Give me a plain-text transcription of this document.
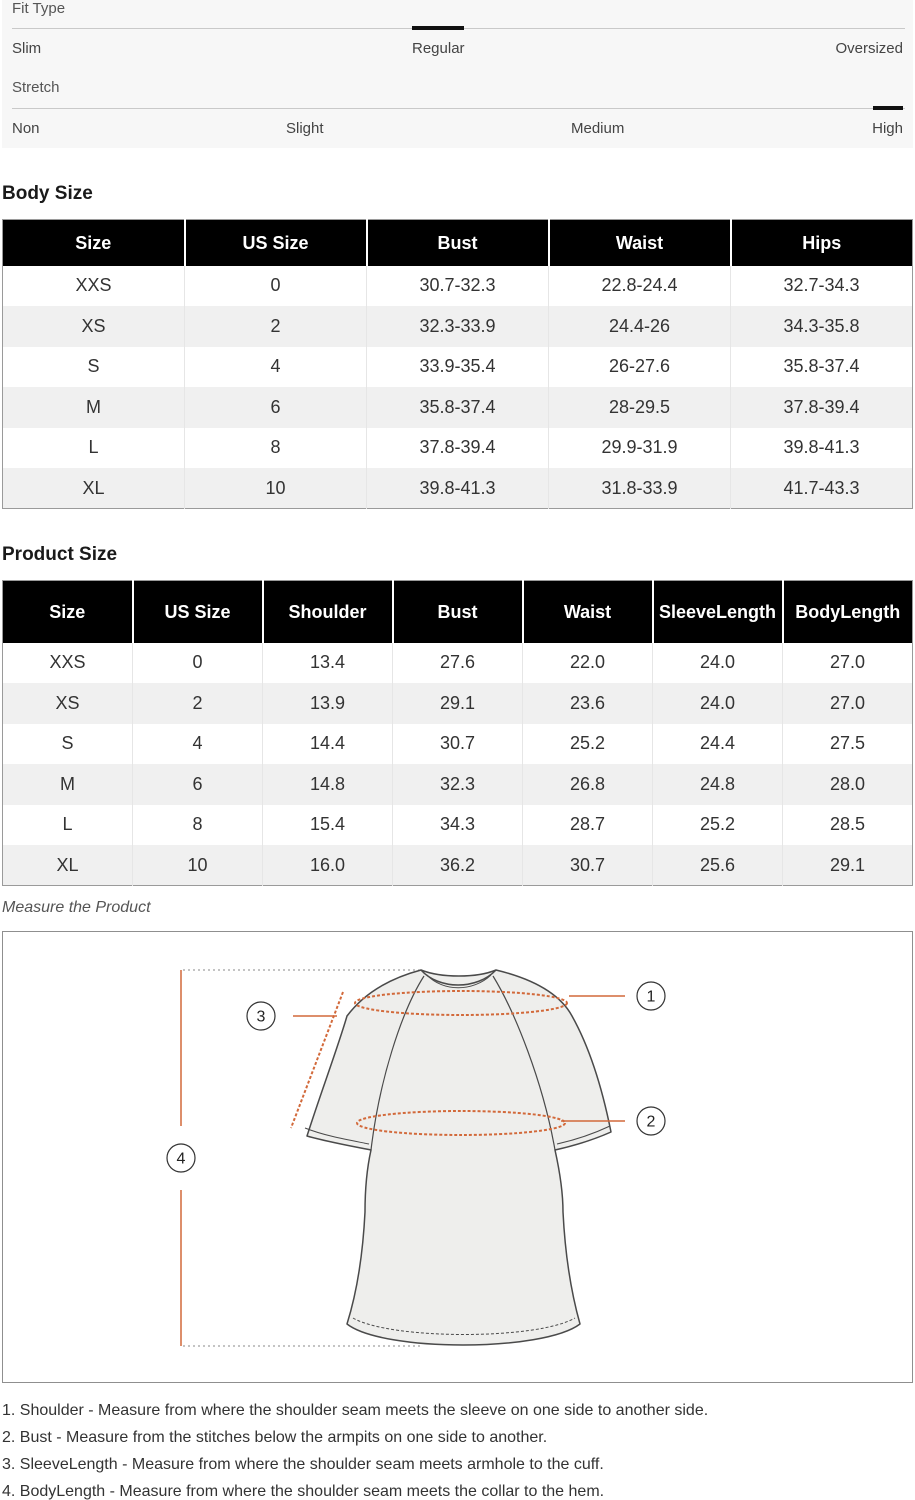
Fit Type
Slim	Regular	Oversized
Stretch
Non	Slight	Medium	High
Body Size
Size	US Size	Bust	Waist	Hips
XXS	0	30.7-32.3	22.8-24.4	32.7-34.3
XS	2	32.3-33.9	24.4-26	34.3-35.8
S	4	33.9-35.4	26-27.6	35.8-37.4
M	6	35.8-37.4	28-29.5	37.8-39.4
L	8	37.8-39.4	29.9-31.9	39.8-41.3
XL	10	39.8-41.3	31.8-33.9	41.7-43.3
Product Size
Size	US Size	Shoulder	Bust	Waist	SleeveLength	BodyLength
XXS	0	13.4	27.6	22.0	24.0	27.0
XS	2	13.9	29.1	23.6	24.0	27.0
S	4	14.4	30.7	25.2	24.4	27.5
M	6	14.8	32.3	26.8	24.8	28.0
L	8	15.4	34.3	28.7	25.2	28.5
XL	10	16.0	36.2	30.7	25.6	29.1
Measure the Product
1
2
3
4
1. Shoulder - Measure from where the shoulder seam meets the sleeve on one side to another side.
2. Bust - Measure from the stitches below the armpits on one side to another.
3. SleeveLength - Measure from where the shoulder seam meets armhole to the cuff.
4. BodyLength - Measure from where the shoulder seam meets the collar to the hem.
